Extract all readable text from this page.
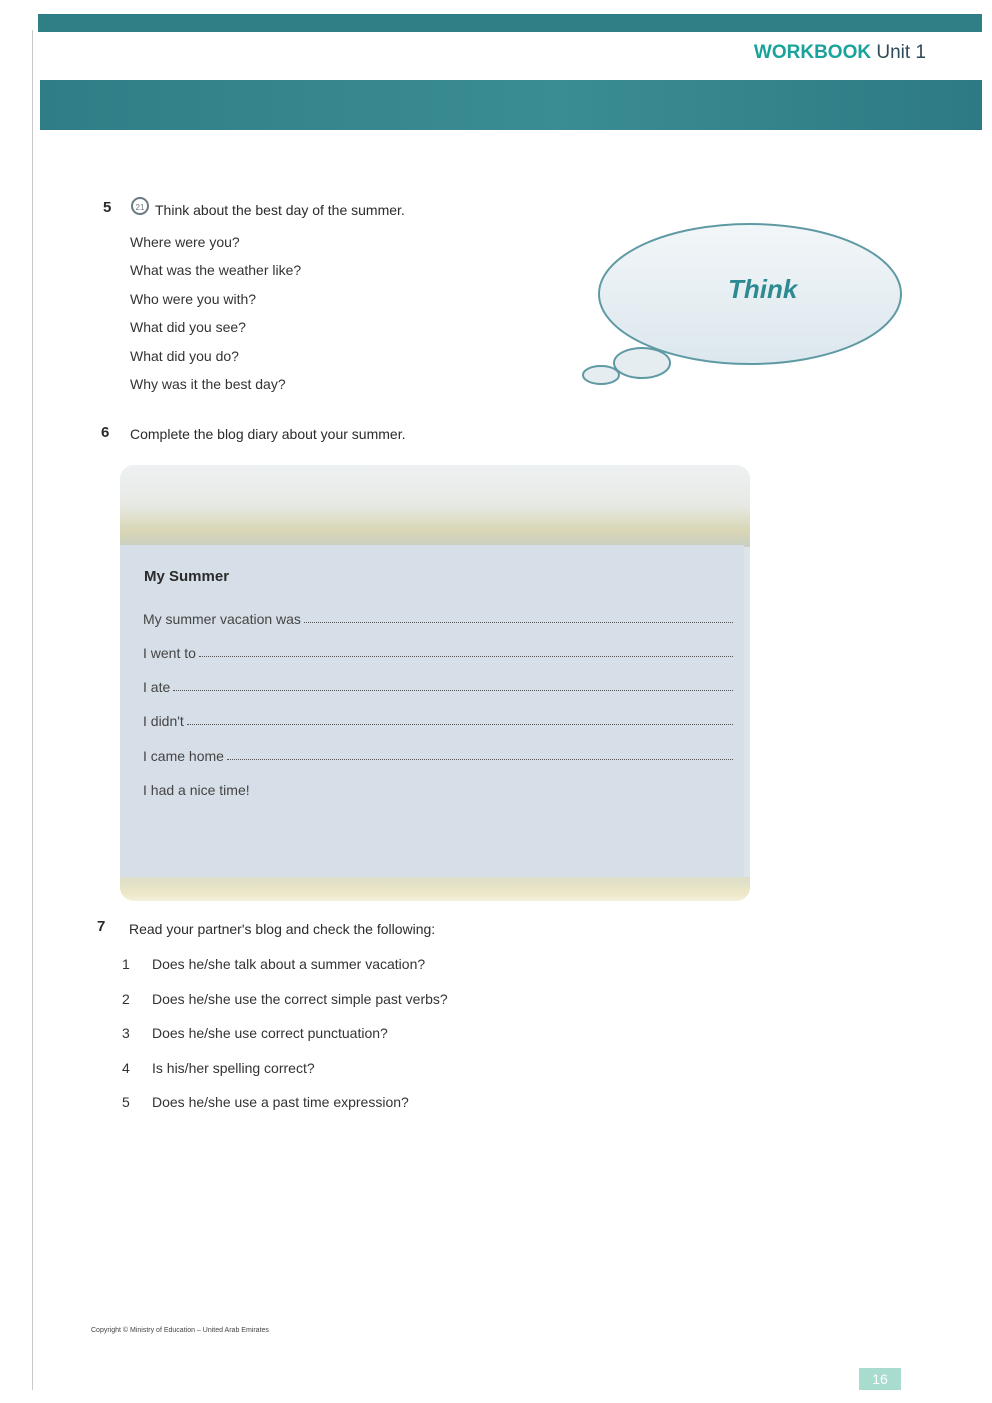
WORKBOOK Unit 1
5	21 Think about the best day of the summer.
Where were you?
What was the weather like?
Who were you with?
What did you see?
What did you do?
Why was it the best day?
Think
6 Complete the blog diary about your summer.
My Summer
My summer vacation was
I went to
I ate
I didn't
I came home
I had a nice time!
7 Read your partner's blog and check the following:
1	Does he/she talk about a summer vacation?
2	Does he/she use the correct simple past verbs?
3	Does he/she use correct punctuation?
4	Is his/her spelling correct?
5	Does he/she use a past time expression?
Copyright © Ministry of Education – United Arab Emirates
16
